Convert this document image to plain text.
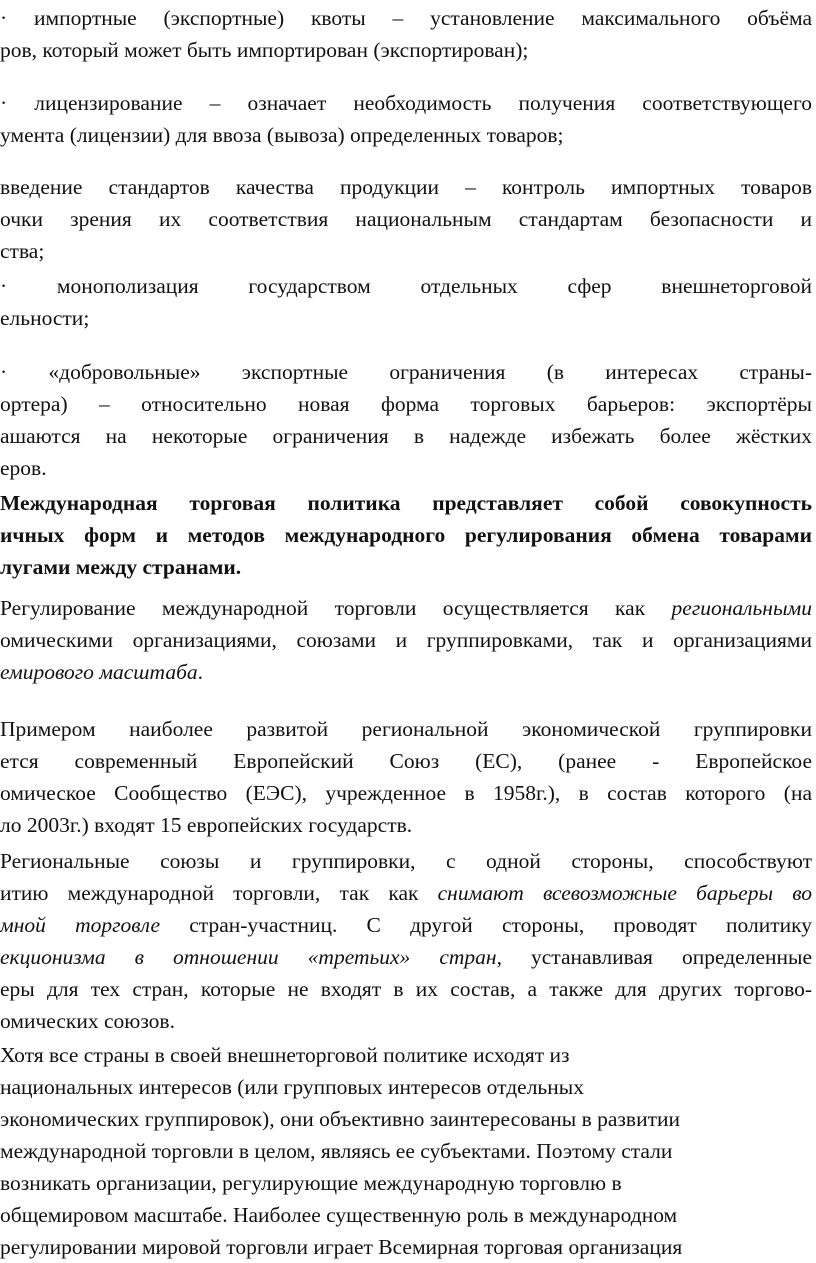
· импортные (экспортные) квоты – установление максимального объёма
ров, который может быть импортирован (экспортирован);
· лицензирование – означает необходимость получения соответствующего
умента (лицензии) для ввоза (вывоза) определенных товаров;
введение стандартов качества продукции – контроль импортных товаров
очки зрения их соответствия национальным стандартам безопасности и
ства;
· монополизация государством отдельных сфер внешнеторговой
ельности;
· «добровольные» экспортные ограничения (в интересах страны-
ортера) – относительно новая форма торговых барьеров: экспортёры
ашаются на некоторые ограничения в надежде избежать более жёстких
еров.
Международная торговая политика представляет собой совокупность
ичных форм и методов международного регулирования обмена товарами
лугами между странами.
Регулирование международной торговли осуществляется как региональными
омическими организациями, союзами и группировками, так и организациями
емирового масштаба.
Примером наиболее развитой региональной экономической группировки
ется современный Европейский Союз (ЕС), (ранее - Европейское
омическое Сообщество (ЕЭС), учрежденное в 1958г.), в состав которого (на
ло 2003г.) входят 15 европейских государств.
Региональные союзы и группировки, с одной стороны, способствуют
итию международной торговли, так как снимают всевозможные барьеры во
мной торговле стран-участниц. С другой стороны, проводят политику
екционизма в отношении «третьих» стран, устанавливая определенные
еры для тех стран, которые не входят в их состав, а также для других торгово-
омических союзов.
Хотя все страны в своей внешнеторговой политике исходят из
национальных интересов (или групповых интересов отдельных
экономических группировок), они объективно заинтересованы в развитии
международной торговли в целом, являясь ее субъектами. Поэтому стали
возникать организации, регулирующие международную торговлю в
общемировом масштабе. Наиболее существенную роль в международном
регулировании мировой торговли играет Всемирная торговая организация
